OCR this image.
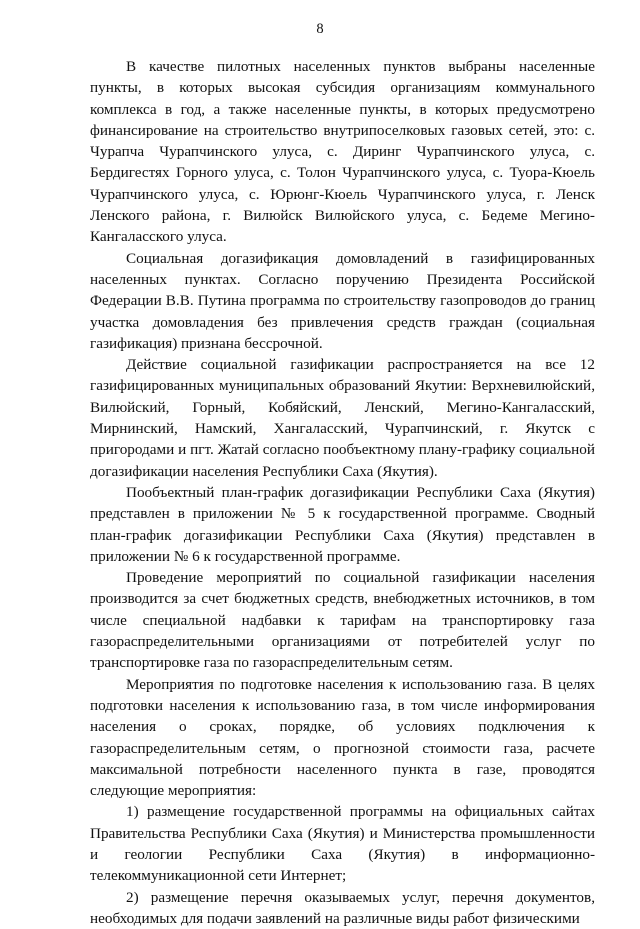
8

В качестве пилотных населенных пунктов выбраны населенные пункты, в которых высокая субсидия организациям коммунального комплекса в год, а также населенные пункты, в которых предусмотрено финансирование на строительство внутрипоселковых газовых сетей, это: с. Чурапча Чурапчинского улуса, с. Диринг Чурапчинского улуса, с. Бердигестях Горного улуса, с. Толон Чурапчинского улуса, с. Туора-Кюель Чурапчинского улуса, с. Юрюнг-Кюель Чурапчинского улуса, г. Ленск Ленского района, г. Вилюйск Вилюйского улуса, с. Бедеме Мегино-Кангаласского улуса.

Социальная догазификация домовладений в газифицированных населенных пунктах. Согласно поручению Президента Российской Федерации В.В. Путина программа по строительству газопроводов до границ участка домовладения без привлечения средств граждан (социальная газификация) признана бессрочной.

Действие социальной газификации распространяется на все 12 газифицированных муниципальных образований Якутии: Верхневилюйский, Вилюйский, Горный, Кобяйский, Ленский, Мегино-Кангаласский, Мирнинский, Намский, Хангаласский, Чурапчинский, г. Якутск с пригородами и пгт. Жатай согласно пообъектному плану-графику социальной догазификации населения Республики Саха (Якутия).

Пообъектный план-график догазификации Республики Саха (Якутия) представлен в приложении № 5 к государственной программе. Сводный план-график догазификации Республики Саха (Якутия) представлен в приложении № 6 к государственной программе.

Проведение мероприятий по социальной газификации населения производится за счет бюджетных средств, внебюджетных источников, в том числе специальной надбавки к тарифам на транспортировку газа газораспределительными организациями от потребителей услуг по транспортировке газа по газораспределительным сетям.

Мероприятия по подготовке населения к использованию газа. В целях подготовки населения к использованию газа, в том числе информирования населения о сроках, порядке, об условиях подключения к газораспределительным сетям, о прогнозной стоимости газа, расчете максимальной потребности населенного пункта в газе, проводятся следующие мероприятия:

1) размещение государственной программы на официальных сайтах Правительства Республики Саха (Якутия) и Министерства промышленности и геологии Республики Саха (Якутия) в информационно-телекоммуникационной сети Интернет;

2) размещение перечня оказываемых услуг, перечня документов, необходимых для подачи заявлений на различные виды работ физическими
